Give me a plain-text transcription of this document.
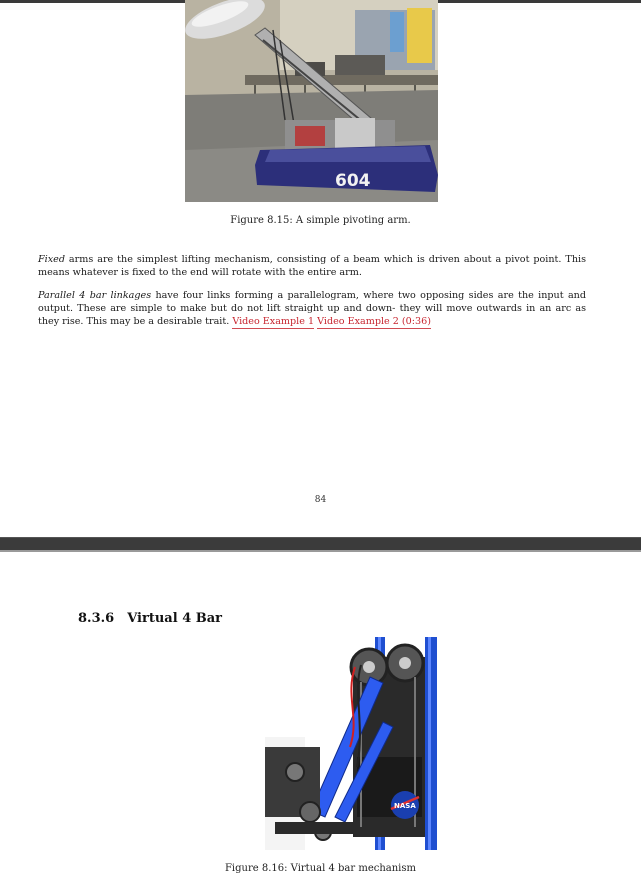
604
Figure 8.15: A simple pivoting arm.
Fixed arms are the simplest lifting mechanism, consisting of a beam which is driven about a pivot point. This means whatever is fixed to the end will rotate with the entire arm.
Parallel 4 bar linkages have four links forming a parallelogram, where two opposing sides are the input and output. These are simple to make but do not lift straight up and down- they will move outwards in an arc as they rise. This may be a desirable trait. Video Example 1 Video Example 2 (0:36)
84
8.3.6 Virtual 4 Bar
NASA
Figure 8.16: Virtual 4 bar mechanism
